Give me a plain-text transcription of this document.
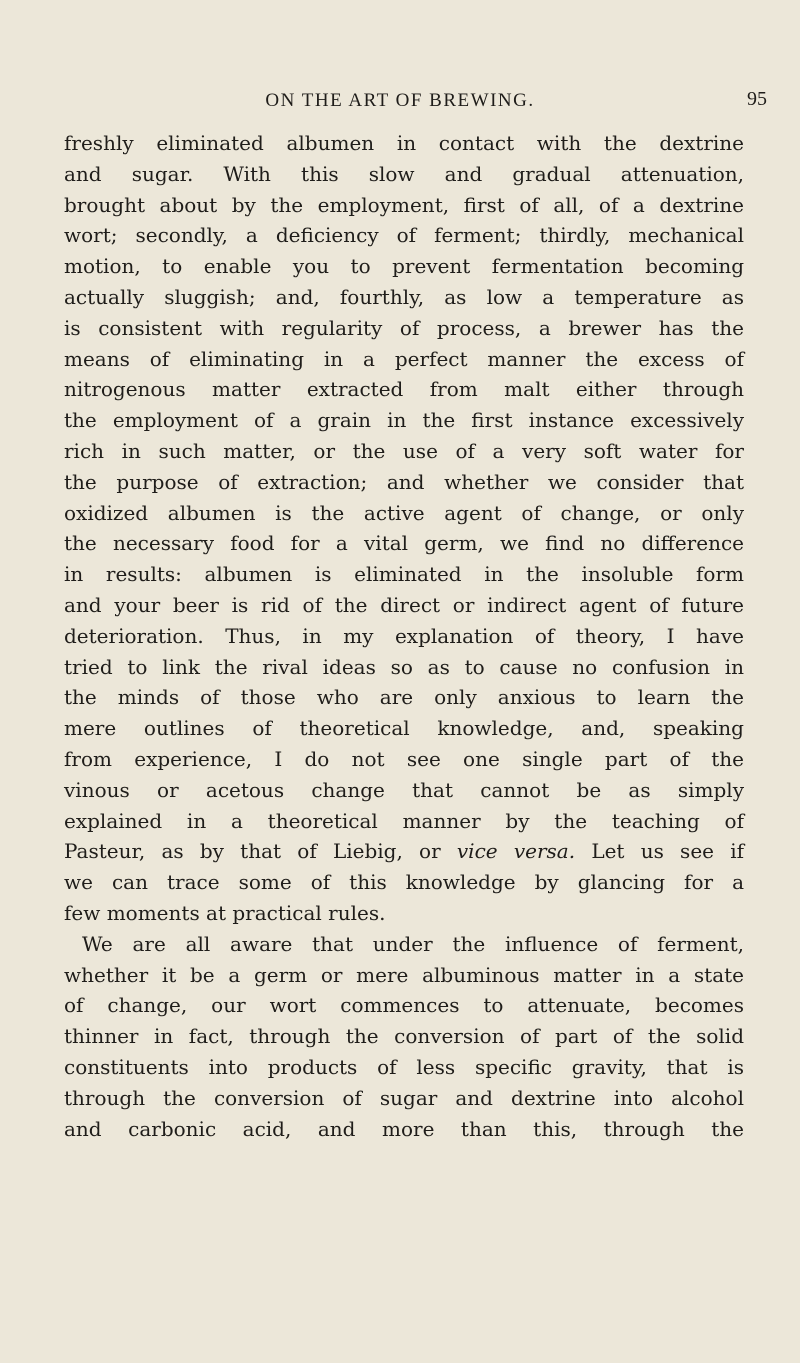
ON THE ART OF BREWING.	95
freshly eliminated albumen in contact with the dextrine
and sugar. With this slow and gradual attenuation,
brought about by the employment, first of all, of a dextrine
wort; secondly, a deficiency of ferment; thirdly, mechanical
motion, to enable you to prevent fermentation becoming
actually sluggish; and, fourthly, as low a temperature as
is consistent with regularity of process, a brewer has the
means of eliminating in a perfect manner the excess of
nitrogenous matter extracted from malt either through
the employment of a grain in the first instance excessively
rich in such matter, or the use of a very soft water for
the purpose of extraction; and whether we consider that
oxidized albumen is the active agent of change, or only
the necessary food for a vital germ, we find no difference
in results: albumen is eliminated in the insoluble form
and your beer is rid of the direct or indirect agent of future
deterioration. Thus, in my explanation of theory, I have
tried to link the rival ideas so as to cause no confusion in
the minds of those who are only anxious to learn the
mere outlines of theoretical knowledge, and, speaking
from experience, I do not see one single part of the
vinous or acetous change that cannot be as simply
explained in a theoretical manner by the teaching of
Pasteur, as by that of Liebig, or vice versa. Let us see if
we can trace some of this knowledge by glancing for a
few moments at practical rules.
We are all aware that under the influence of ferment,
whether it be a germ or mere albuminous matter in a state
of change, our wort commences to attenuate, becomes
thinner in fact, through the conversion of part of the solid
constituents into products of less specific gravity, that is
through the conversion of sugar and dextrine into alcohol
and carbonic acid, and more than this, through the
